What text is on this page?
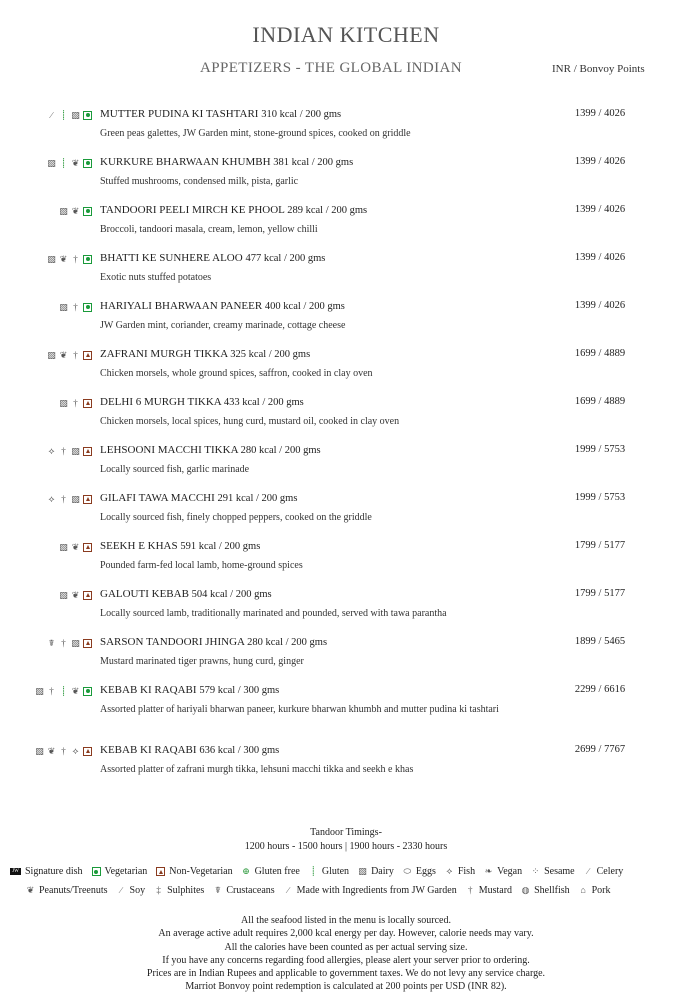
INDIAN KITCHEN
APPETIZERS - THE GLOBAL INDIAN	INR / Bonvoy Points
∕	⸽ ▧ MUTTER PUDINA KI TASHTARI 310 kcal / 200 gms
Green peas galettes, JW Garden mint, stone-ground spices, cooked on griddle
1399 / 4026
▧ ⸽ ❦ KURKURE BHARWAAN KHUMBH 381 kcal / 200 gms
Stuffed mushrooms, condensed milk, pista, garlic
1399 / 4026
▧ ❦ TANDOORI PEELI MIRCH KE PHOOL 289 kcal / 200 gms
Broccoli, tandoori masala, cream, lemon, yellow chilli
1399 / 4026
▧ ❦ † BHATTI KE SUNHERE ALOO 477 kcal / 200 gms
Exotic nuts stuffed potatoes
1399 / 4026
▧ † HARIYALI BHARWAAN PANEER 400 kcal / 200 gms
JW Garden mint, coriander, creamy marinade, cottage cheese
1399 / 4026
▧ ❦ † ZAFRANI MURGH TIKKA 325 kcal / 200 gms
Chicken morsels, whole ground spices, saffron, cooked in clay oven
1699 / 4889
▧ † DELHI 6 MURGH TIKKA 433 kcal / 200 gms
Chicken morsels, local spices, hung curd, mustard oil, cooked in clay oven
1699 / 4889
⟡ † ▧ LEHSOONI MACCHI TIKKA 280 kcal / 200 gms
Locally sourced fish, garlic marinade
1999 / 5753
⟡ † ▧ GILAFI TAWA MACCHI 291 kcal / 200 gms
Locally sourced fish, finely chopped peppers, cooked on the griddle
1999 / 5753
▧ ❦ SEEKH E KHAS 591 kcal / 200 gms
Pounded farm-fed local lamb, home-ground spices
1799 / 5177
▧ ❦ GALOUTI KEBAB 504 kcal / 200 gms
Locally sourced lamb, traditionally marinated and pounded, served with tawa parantha
1799 / 5177
☤ † ▧ SARSON TANDOORI JHINGA 280 kcal / 200 gms
Mustard marinated tiger prawns, hung curd, ginger
1899 / 5465
▧ † ⸽ ❦ KEBAB KI RAQABI 579 kcal / 300 gms
Assorted platter of hariyali bharwan paneer, kurkure bharwan khumbh and mutter pudina ki tashtari
2299 / 6616
▧ ❦ † ⟡ KEBAB KI RAQABI 636 kcal / 300 gms
Assorted platter of zafrani murgh tikka, lehsuni macchi tikka and seekh e khas
2699 / 7767
Tandoor Timings-
1200 hours - 1500 hours | 1900 hours - 2330 hours
JW Signature dish Vegetarian Non-Vegetarian ⊕ Gluten free	⸽ Gluten ▧ Dairy ⬭ Eggs ⟡ Fish ❧ Vegan ⁘ Sesame	∕ Celery
❦ Peanuts/Treenuts	∕ Soy ‡ Sulphites ☤ Crustaceans	∕ Made with Ingredients from JW Garden † Mustard ◍ Shellfish ⌂ Pork
All the seafood listed in the menu is locally sourced.
An average active adult requires 2,000 kcal energy per day. However, calorie needs may vary.
All the calories have been counted as per actual serving size.
If you have any concerns regarding food allergies, please alert your server prior to ordering.
Prices are in Indian Rupees and applicable to government taxes. We do not levy any service charge.
Marriot Bonvoy point redemption is calculated at 200 points per USD (INR 82).
